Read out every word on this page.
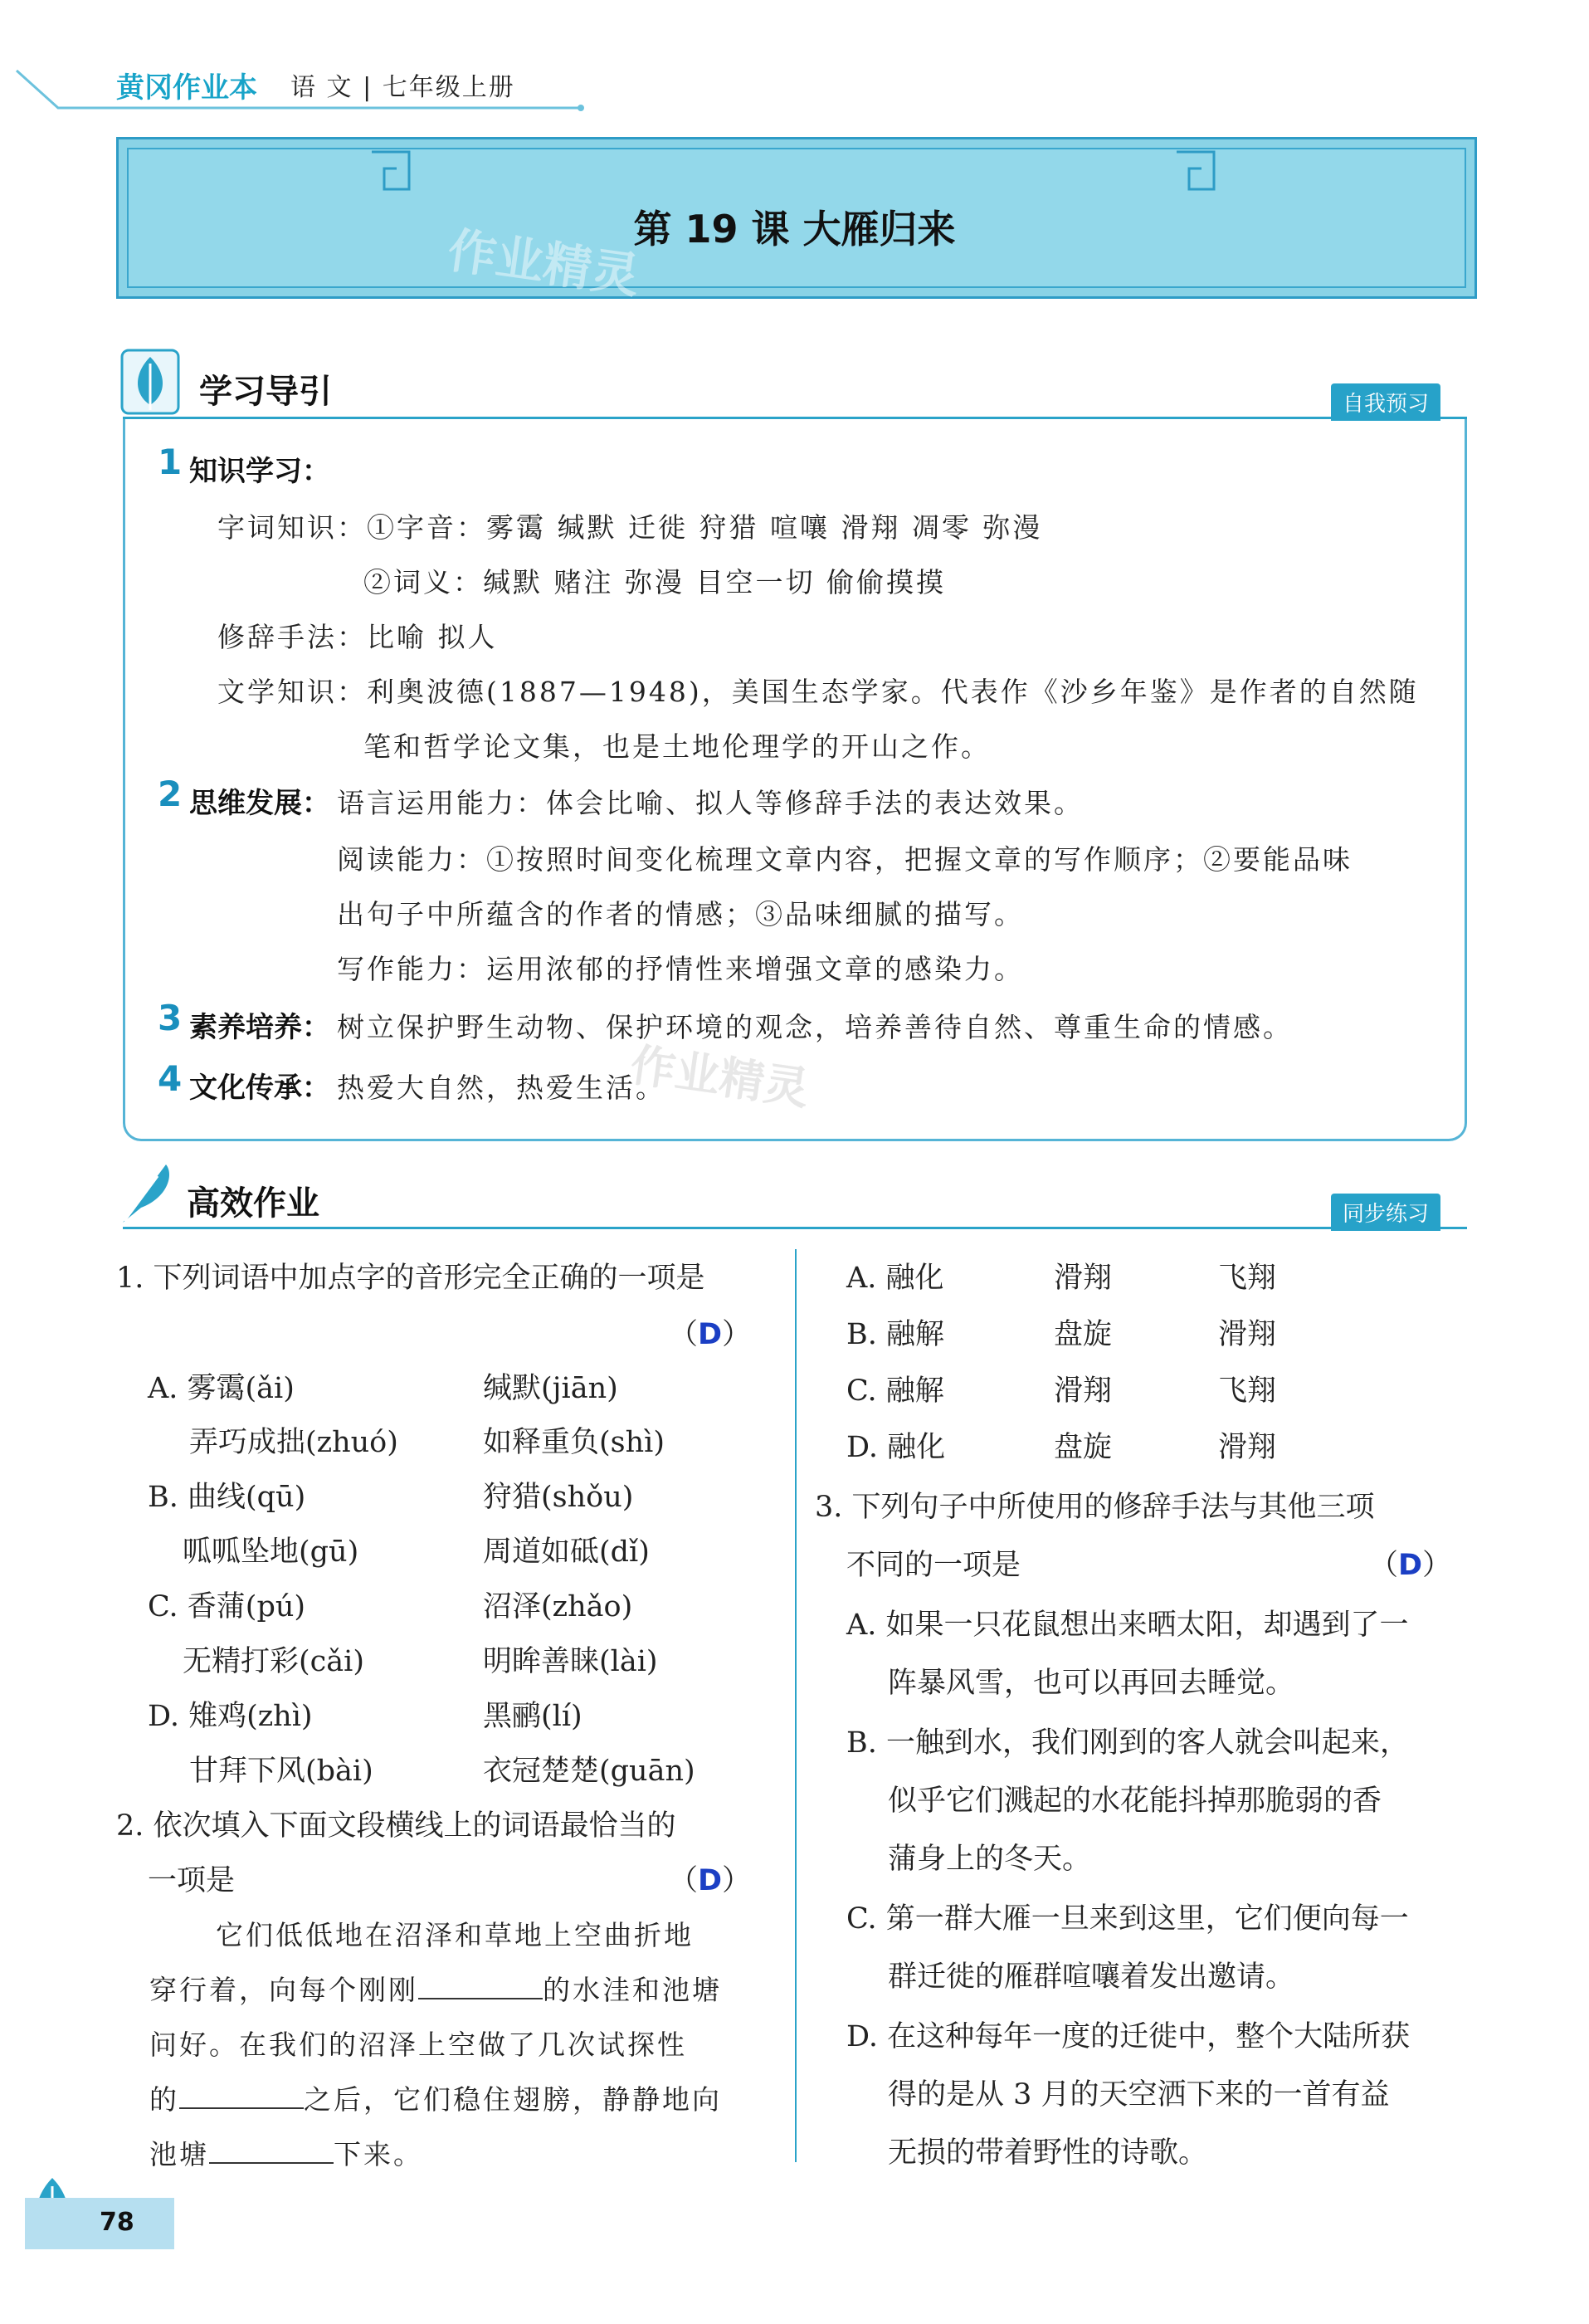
黄冈作业本 语 文 | 七年级上册
作业精灵
第 19 课 大雁归来
学习导引	自我预习
1 知识学习：
字词知识：①字音：雾霭 缄默 迁徙 狩猎 喧嚷 滑翔 凋零 弥漫
②词义：缄默 赌注 弥漫 目空一切 偷偷摸摸
修辞手法：比喻 拟人
文学知识：利奥波德(1887—1948)，美国生态学家。代表作《沙乡年鉴》是作者的自然随
笔和哲学论文集，也是土地伦理学的开山之作。
2 思维发展： 语言运用能力：体会比喻、拟人等修辞手法的表达效果。
阅读能力：①按照时间变化梳理文章内容，把握文章的写作顺序；②要能品味
出句子中所蕴含的作者的情感；③品味细腻的描写。
写作能力：运用浓郁的抒情性来增强文章的感染力。
3 素养培养： 树立保护野生动物、保护环境的观念，培养善待自然、尊重生命的情感。
4 文化传承： 热爱大自然，热爱生活。
作业精灵
高效作业	同步练习
1. 下列词语中加点字的音形完全正确的一项是
（D）
A. 雾霭(ǎi)	缄默(jiān)
弄巧成拙(zhuó)	如释重负(shì)
B. 曲线(qū)	狩猎(shǒu)
呱呱坠地(gū)	周道如砥(dǐ)
C. 香蒲(pú)	沼泽(zhǎo)
无精打彩(cǎi)	明眸善睐(lài)
D. 雉鸡(zhì)	黑鹂(lí)
甘拜下风(bài)	衣冠楚楚(guān)
2. 依次填入下面文段横线上的词语最恰当的
一项是	（D）
它们低低地在沼泽和草地上空曲折地
穿行着，向每个刚刚	的水洼和池塘
问好。在我们的沼泽上空做了几次试探性
的	之后，它们稳住翅膀，静静地向
池塘	下来。
A. 融化	滑翔	飞翔
B. 融解	盘旋	滑翔
C. 融解	滑翔	飞翔
D. 融化	盘旋	滑翔
3. 下列句子中所使用的修辞手法与其他三项
不同的一项是	（D）
A. 如果一只花鼠想出来晒太阳，却遇到了一
阵暴风雪，也可以再回去睡觉。
B. 一触到水，我们刚到的客人就会叫起来，
似乎它们溅起的水花能抖掉那脆弱的香
蒲身上的冬天。
C. 第一群大雁一旦来到这里，它们便向每一
群迁徙的雁群喧嚷着发出邀请。
D. 在这种每年一度的迁徙中，整个大陆所获
得的是从 3 月的天空洒下来的一首有益
无损的带着野性的诗歌。
78
